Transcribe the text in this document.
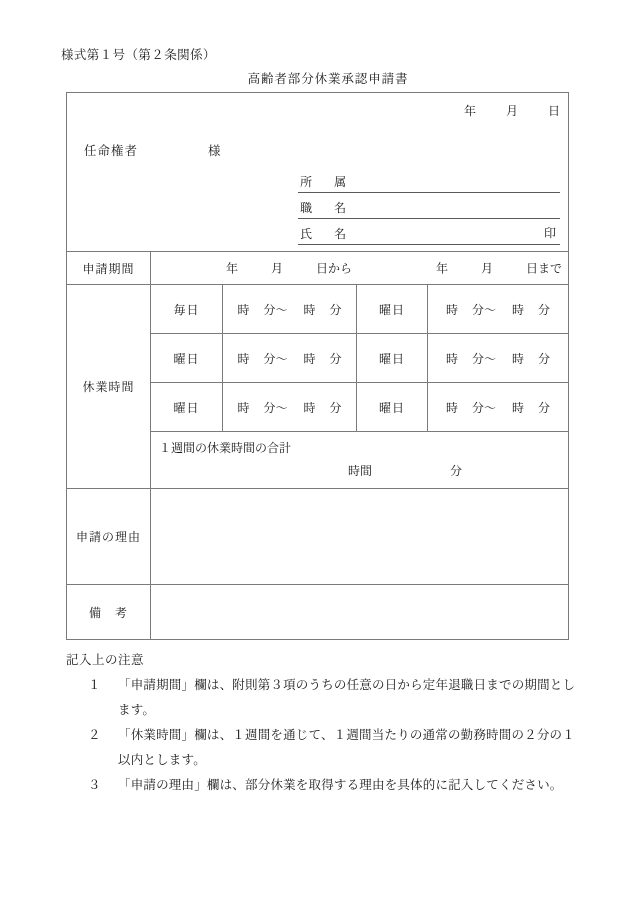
様式第１号（第２条関係）
高齢者部分休業承認申請書
年	月	日
任命権者	様
所　属
職　名
氏　名	印

申請期間	年 月 日から 年 月 日まで			

休業時間	毎日	時 分～ 時 分	曜日	時 分～ 時 分
	曜日	時 分～ 時 分	曜日	時 分～ 時 分
	曜日	時 分～ 時 分	曜日	時 分～ 時 分

	１週間の休業時間の合計
時間 分			

申請の理由				
備　考				
記入上の注意
１	「申請期間」欄は、附則第３項のうちの任意の日から定年退職日までの期間とします。
２	「休業時間」欄は、１週間を通じて、１週間当たりの通常の勤務時間の２分の１以内とします。
３	「申請の理由」欄は、部分休業を取得する理由を具体的に記入してください。
